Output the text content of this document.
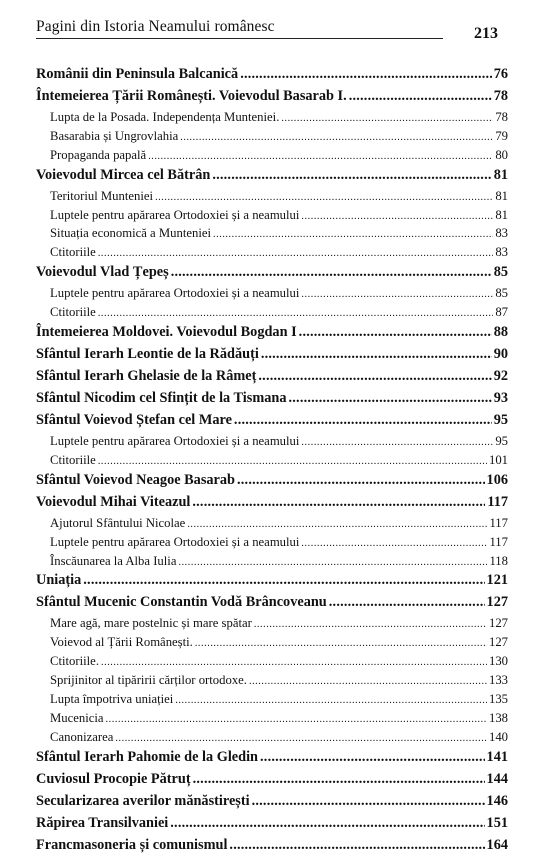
Pagini din Istoria Neamului românesc	213
Românii din Peninsula Balcanică .....	76
Întemeierea Țării Românești. Voievodul Basarab I. .....	78
Lupta de la Posada. Independența Munteniei. .....	78
Basarabia și Ungrovlahia .....	79
Propaganda papală .....	80
Voievodul Mircea cel Bătrân .....	81
Teritoriul Munteniei .....	81
Luptele pentru apărarea Ortodoxiei și a neamului .....	81
Situația economică a Munteniei .....	83
Ctitoriile .....	83
Voievodul Vlad Țepeș .....	85
Luptele pentru apărarea Ortodoxiei și a neamului .....	85
Ctitoriile .....	87
Întemeierea Moldovei. Voievodul Bogdan I .....	88
Sfântul Ierarh Leontie de la Rădăuți .....	90
Sfântul Ierarh Ghelasie de la Râmeț .....	92
Sfântul Nicodim cel Sfințit de la Tismana .....	93
Sfântul Voievod Ștefan cel Mare .....	95
Luptele pentru apărarea Ortodoxiei și a neamului .....	95
Ctitoriile .....	101
Sfântul Voievod Neagoe Basarab .....	106
Voievodul Mihai Viteazul .....	117
Ajutorul Sfântului Nicolae .....	117
Luptele pentru apărarea Ortodoxiei și a neamului .....	117
Înscăunarea la Alba Iulia .....	118
Uniația .....	121
Sfântul Mucenic Constantin Vodă Brâncoveanu .....	127
Mare agă, mare postelnic și mare spătar .....	127
Voievod al Țării Românești. .....	127
Ctitoriile. .....	130
Sprijinitor al tipăririi cărților ortodoxe. .....	133
Lupta împotriva uniației .....	135
Mucenicia .....	138
Canonizarea .....	140
Sfântul Ierarh Pahomie de la Gledin .....	141
Cuviosul Procopie Pătruț .....	144
Secularizarea averilor mănăstirești .....	146
Răpirea Transilvaniei .....	151
Francmasoneria și comunismul .....	164
